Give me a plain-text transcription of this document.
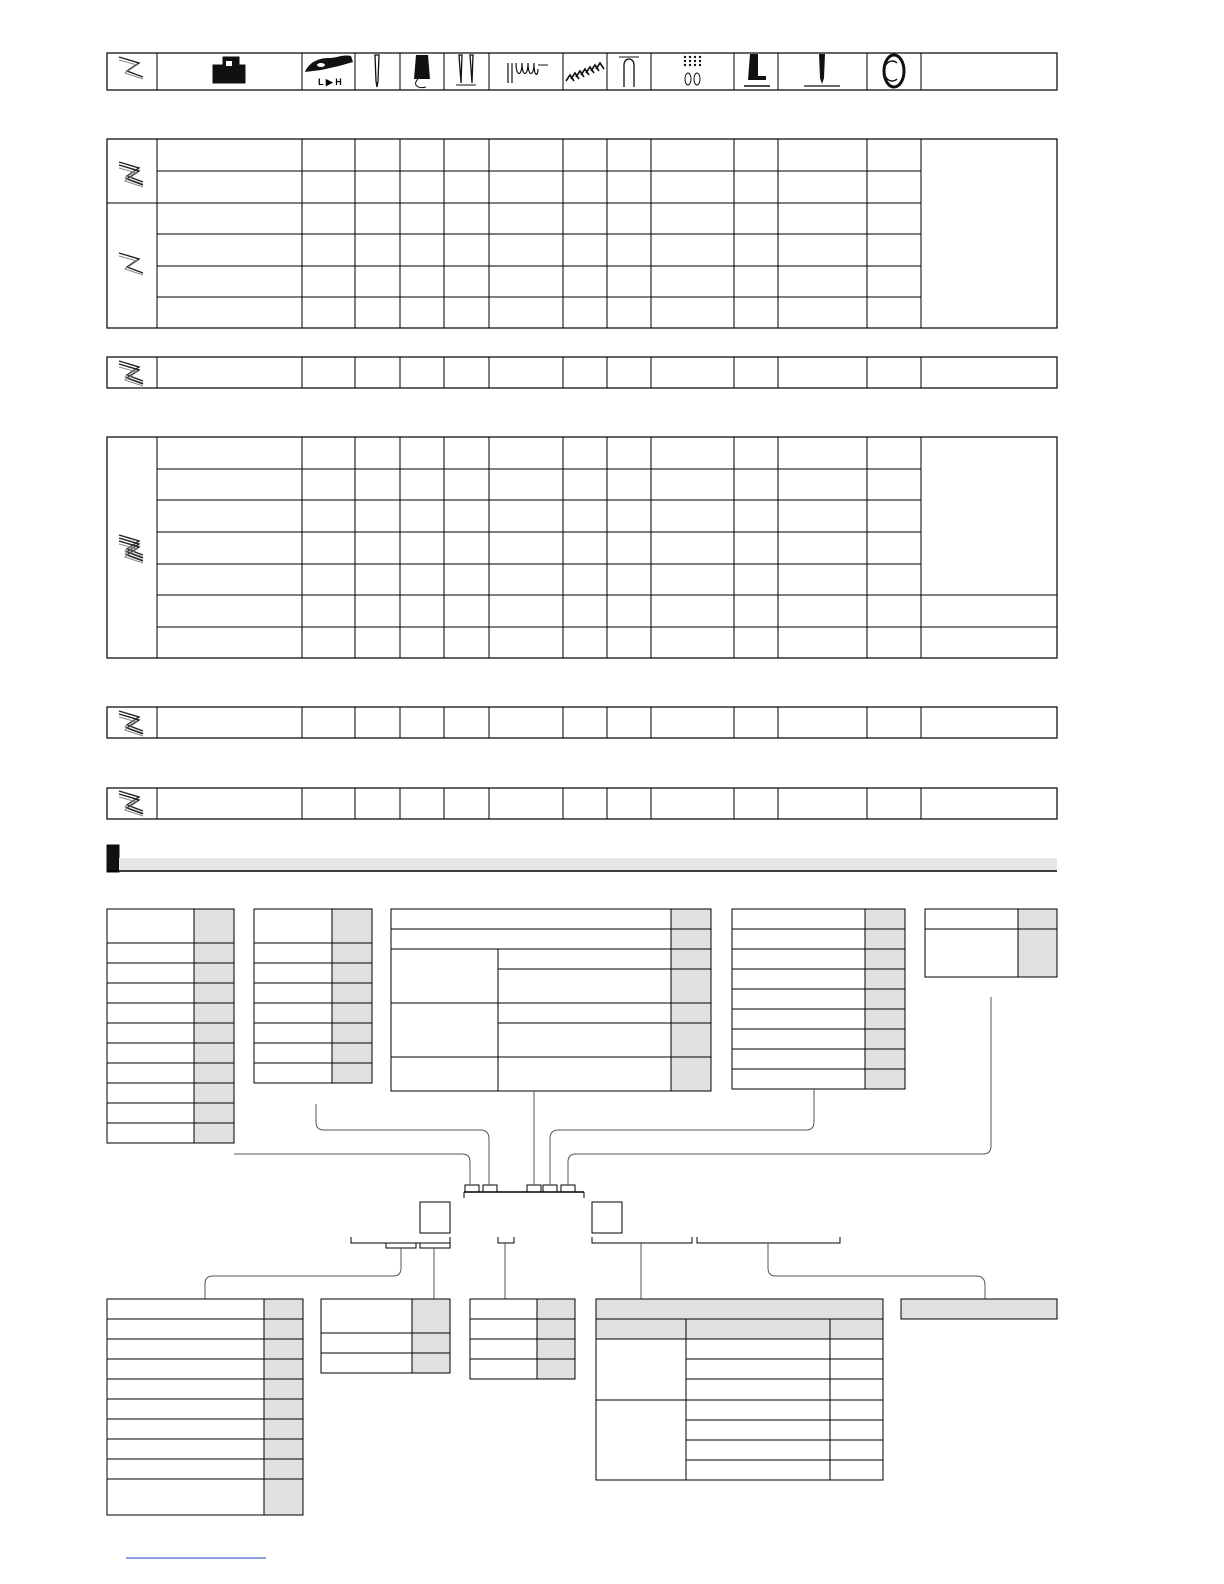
L ▶ H
